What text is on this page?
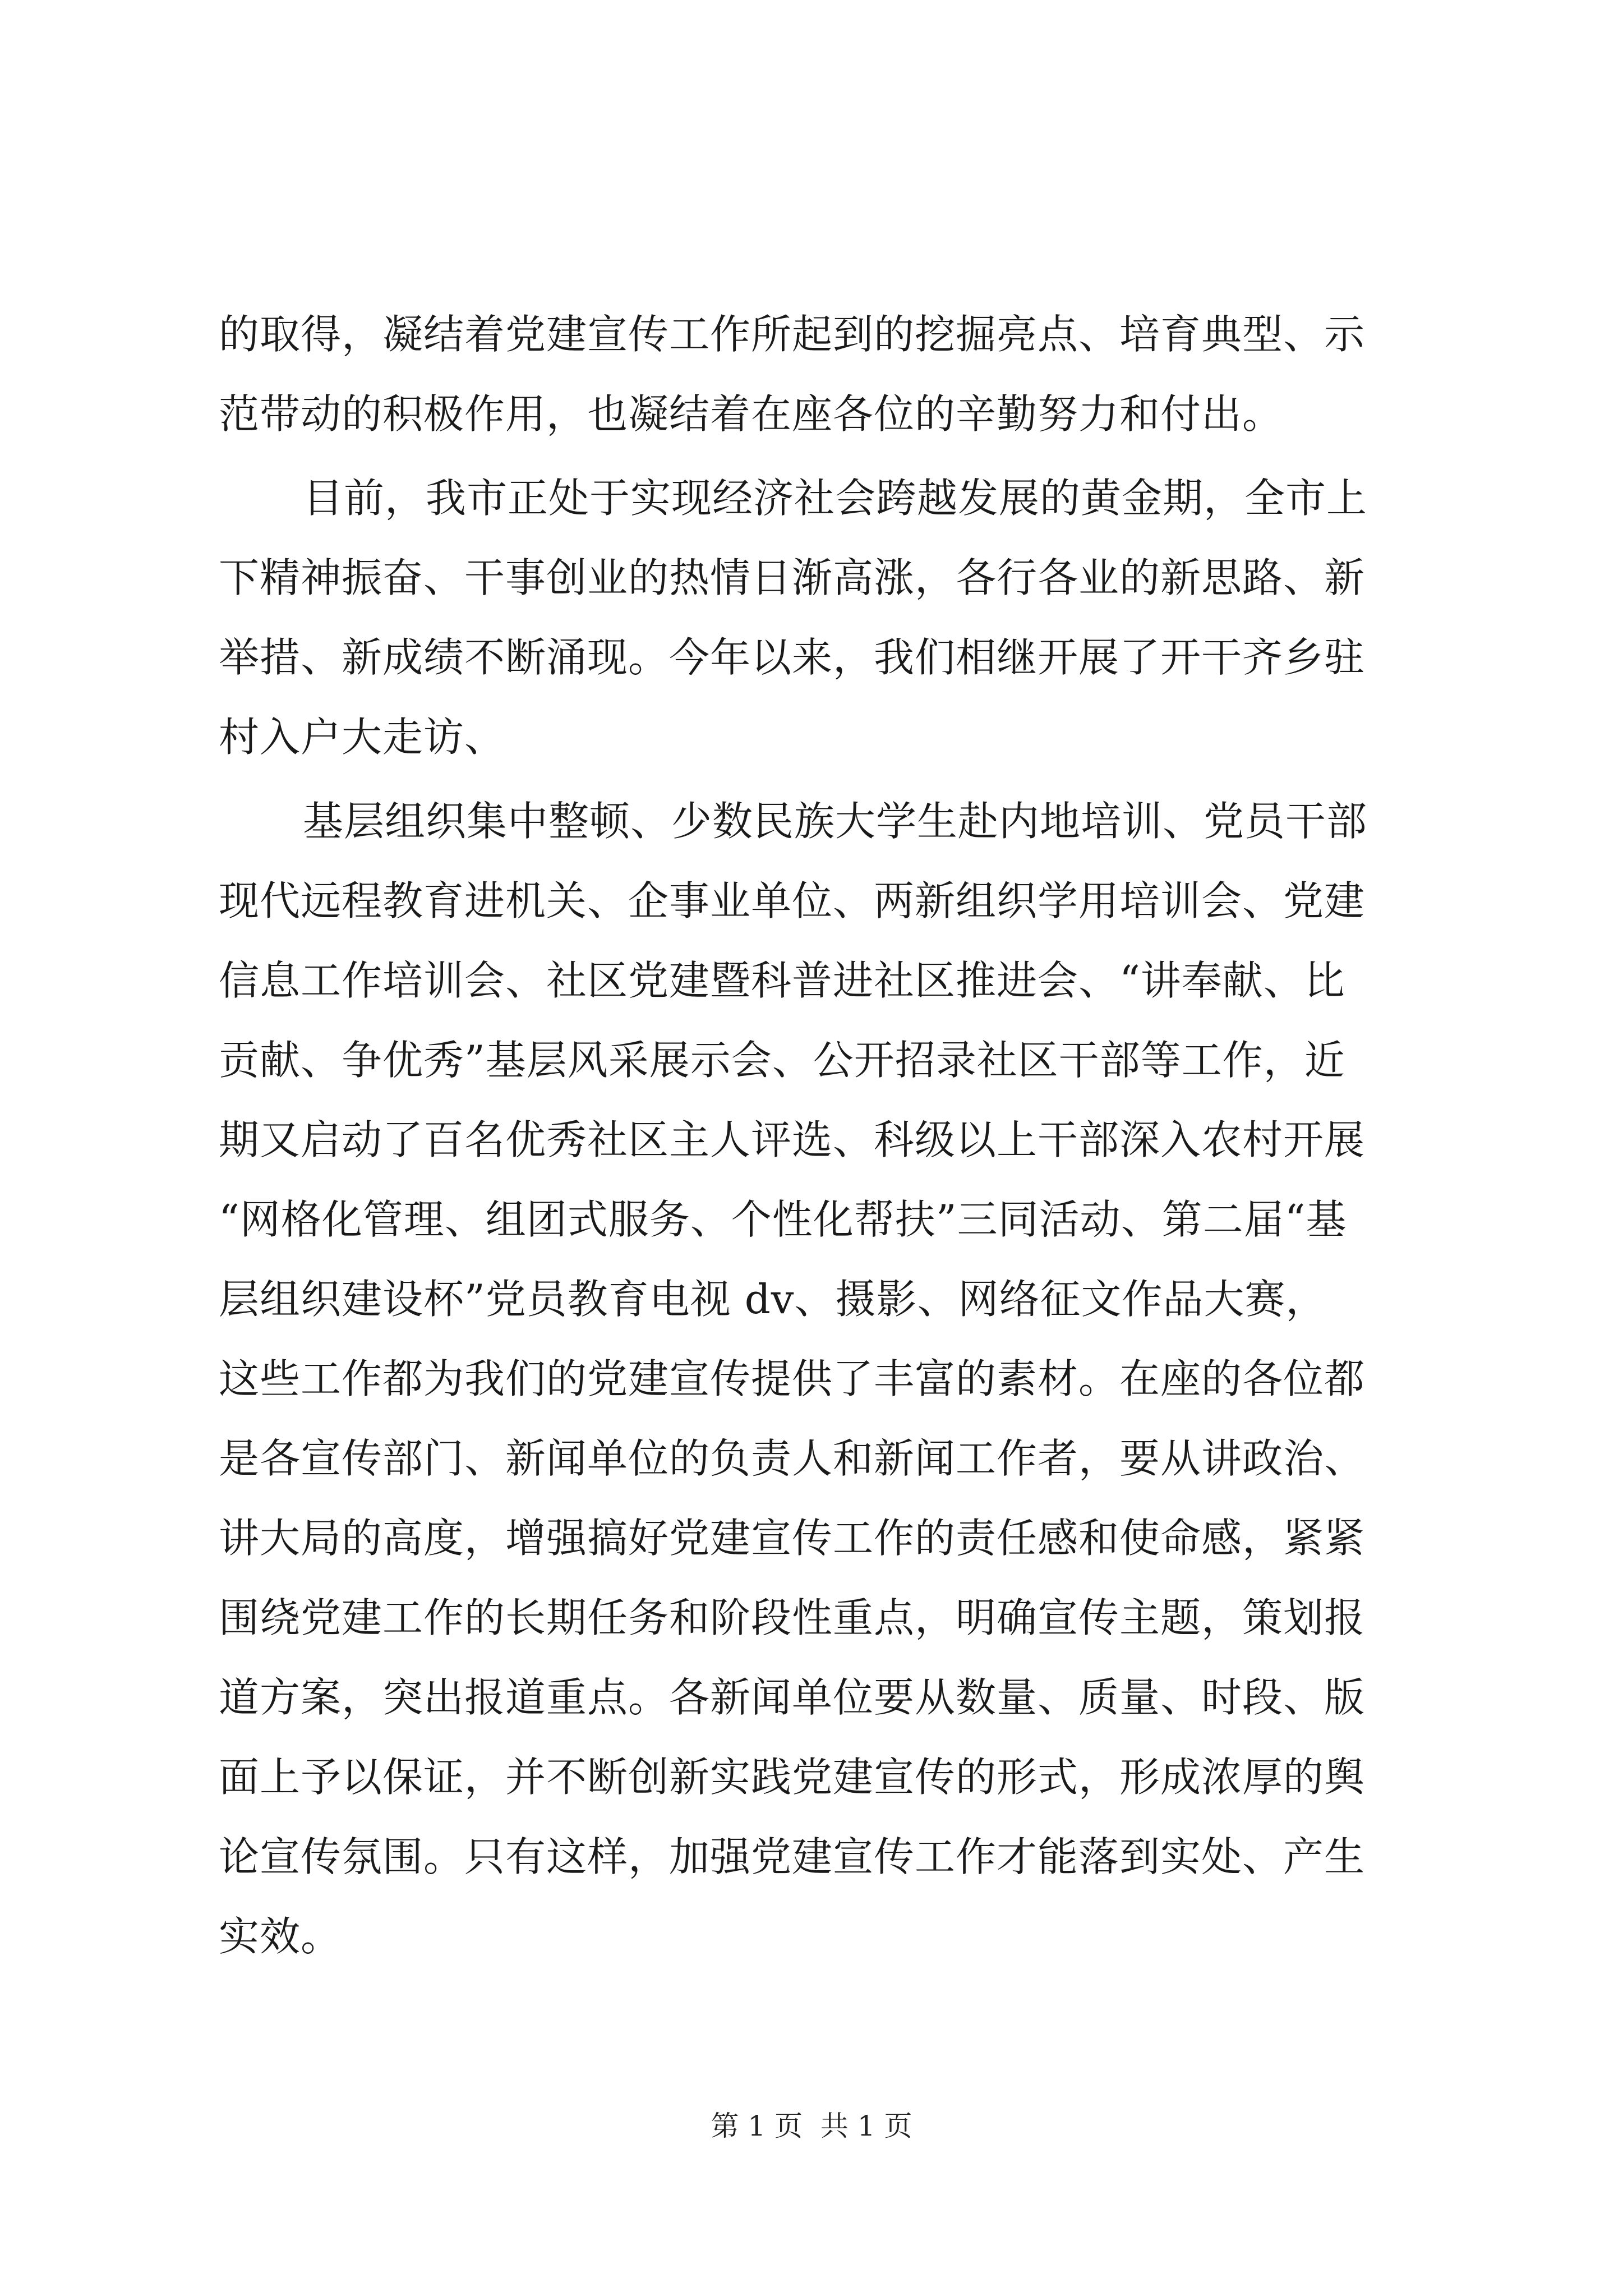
的取得，凝结着党建宣传工作所起到的挖掘亮点、培育典型、示
范带动的积极作用，也凝结着在座各位的辛勤努力和付出。
目前，我市正处于实现经济社会跨越发展的黄金期，全市上
下精神振奋、干事创业的热情日渐高涨，各行各业的新思路、新
举措、新成绩不断涌现。今年以来，我们相继开展了开干齐乡驻
村入户大走访、
基层组织集中整顿、少数民族大学生赴内地培训、党员干部
现代远程教育进机关、企事业单位、两新组织学用培训会、党建
信息工作培训会、社区党建暨科普进社区推进会、“讲奉献、比
贡献、争优秀”基层风采展示会、公开招录社区干部等工作，近
期又启动了百名优秀社区主人评选、科级以上干部深入农村开展
“网格化管理、组团式服务、个性化帮扶”三同活动、第二届“基
层组织建设杯”党员教育电视 dv、摄影、网络征文作品大赛，
这些工作都为我们的党建宣传提供了丰富的素材。在座的各位都
是各宣传部门、新闻单位的负责人和新闻工作者，要从讲政治、
讲大局的高度，增强搞好党建宣传工作的责任感和使命感，紧紧
围绕党建工作的长期任务和阶段性重点，明确宣传主题，策划报
道方案，突出报道重点。各新闻单位要从数量、质量、时段、版
面上予以保证，并不断创新实践党建宣传的形式，形成浓厚的舆
论宣传氛围。只有这样，加强党建宣传工作才能落到实处、产生
实效。
第 1 页  共 1 页
